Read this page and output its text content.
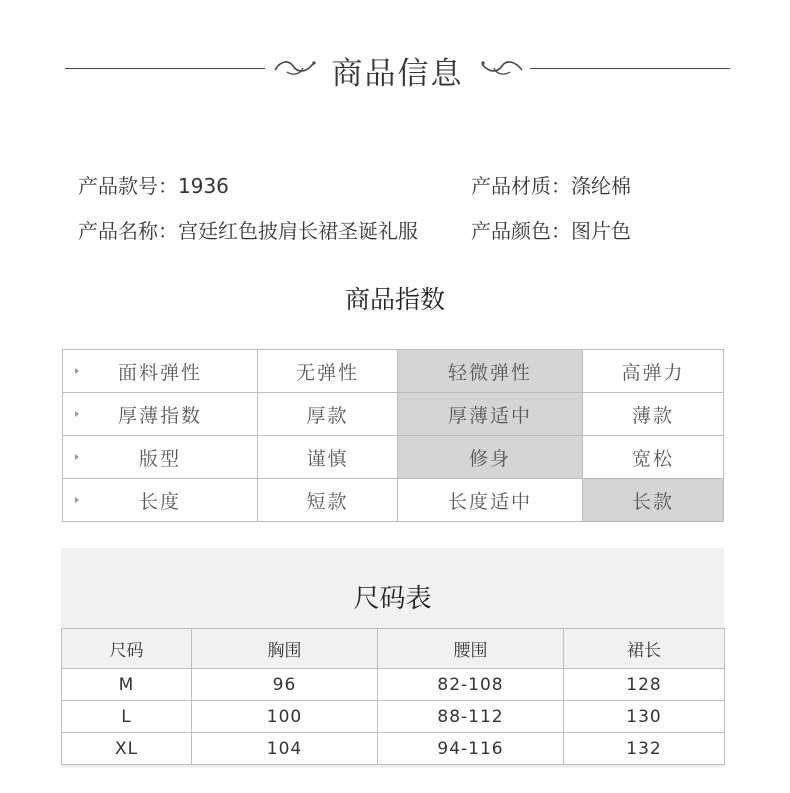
商品信息
产品款号：1936	产品材质：涤纶棉
产品名称：宫廷红色披肩长裙圣诞礼服	产品颜色：图片色
商品指数
面料弹性	无弹性	轻微弹性	高弹力

厚薄指数	厚款	厚薄适中	薄款

版型	谨慎	修身	宽松

长度	短款	长度适中	长款
尺码表
尺码	胸围	腰围	裙长
M	96	82-108	128
L	100	88-112	130
XL	104	94-116	132
